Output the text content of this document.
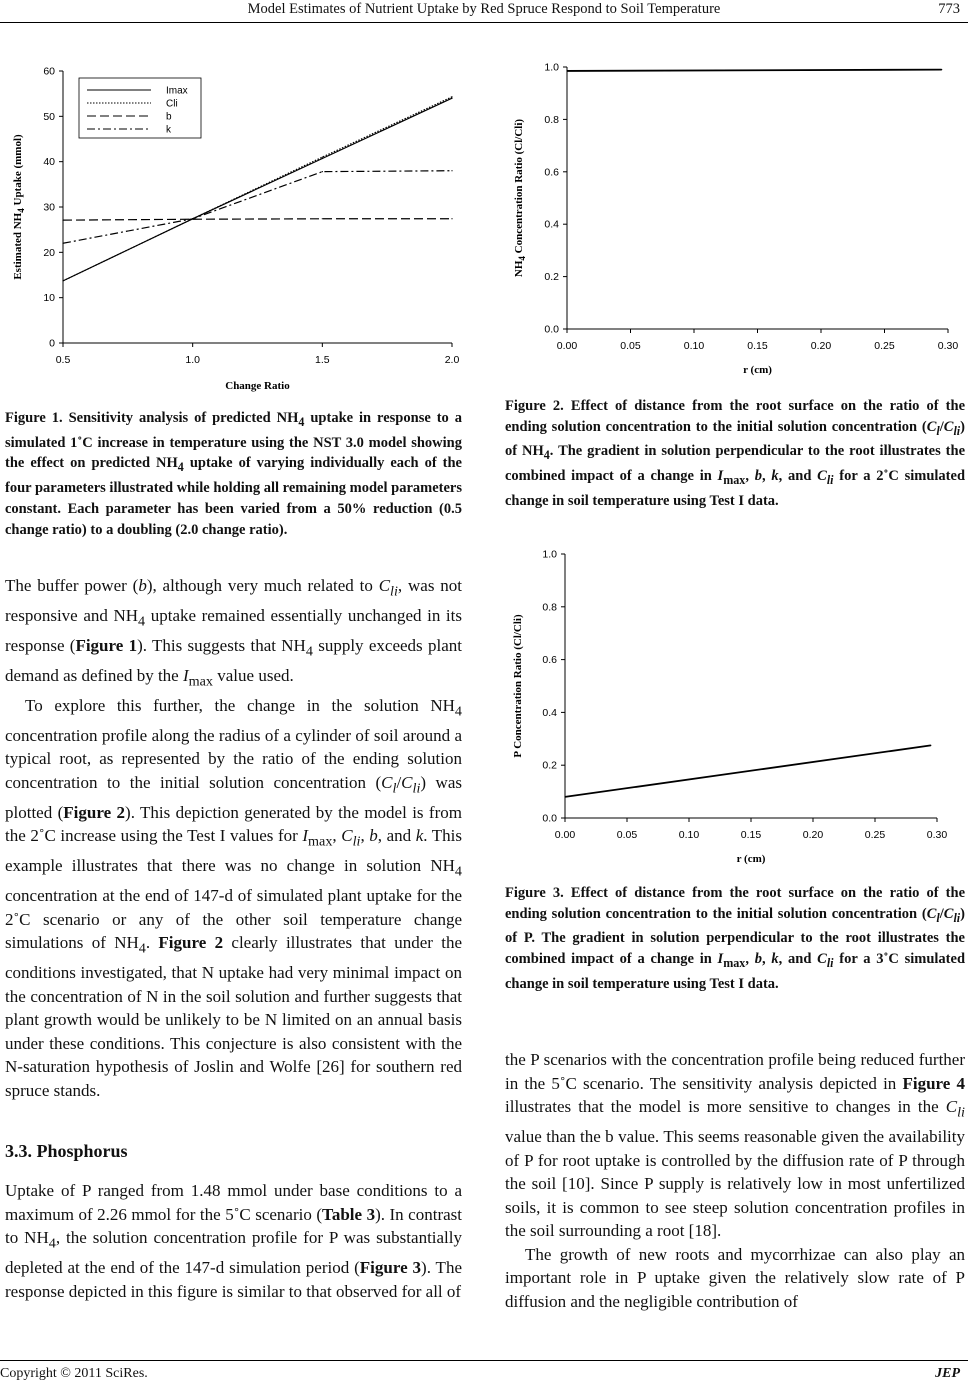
Model Estimates of Nutrient Uptake by Red Spruce Respond to Soil Temperature	773
0
10
20
30
40
50
60
0.5	1.0	1.5	2.0
Change Ratio
Estimated $NH_4$ Uptake (mmol)
Imax
Cli
b
k

Figure 1. Sensitivity analysis of predicted $NH_4$ uptake in response to a simulated 1˚C increase in temperature using the NST 3.0 model showing the effect on predicted $NH_4$ uptake of varying individually each of the four parameters illustrated while holding all remaining model parameters constant. Each parameter has been varied from a 50% reduction (0.5 change ratio) to a doubling (2.0 change ratio).

The buffer power (b), although very much related to $C_{li}$, was not responsive and $NH_4$ uptake remained essentially unchanged in its response (Figure 1). This suggests that $NH_4$ supply exceeds plant demand as defined by the $I_{max}$ value used.

To explore this further, the change in the solution $NH_4$ concentration profile along the radius of a cylinder of soil around a typical root, as represented by the ratio of the ending solution concentration to the initial solution concentration $(C_l/C_{li})$ was plotted (Figure 2). This depiction generated by the model is from the 2˚C increase using the Test I values for $I_{max}$, $C_{li}$, b, and k. This example illustrates that there was no change in solution $NH_4$ concentration at the end of 147-d of simulated plant uptake for the 2˚C scenario or any of the other soil temperature change simulations of $NH_4$. Figure 2 clearly illustrates that under the conditions investigated, that N uptake had very minimal impact on the concentration of N in the soil solution and further suggests that plant growth would be unlikely to be N limited on an annual basis under these conditions. This conjecture is also consistent with the N-saturation hypothesis of Joslin and Wolfe [26] for southern red spruce stands.

3.3. Phosphorus

Uptake of P ranged from 1.48 mmol under base conditions to a maximum of 2.26 mmol for the 5˚C scenario (Table 3). In contrast to $NH_4$, the solution concentration profile for P was substantially depleted at the end of the 147-d simulation period (Figure 3). The response depicted in this figure is similar to that observed for all of

0.0
0.2
0.4
0.6
0.8
1.0
0.00	0.05	0.10	0.15	0.20	0.25	0.30
r (cm)
$NH_4$ Concentration Ratio (Cl/Cli)

Figure 2. Effect of distance from the root surface on the ratio of the ending solution concentration to the initial solution concentration $(C_l/C_{li})$ of $NH_4$. The gradient in solution perpendicular to the root illustrates the combined impact of a change in $I_{max}$, b, k, and $C_{li}$ for a 2˚C simulated change in soil temperature using Test I data.

0.0
0.2
0.4
0.6
0.8
1.0
0.00	0.05	0.10	0.15	0.20	0.25	0.30
r (cm)
P Concentration Ratio (Cl/Cli)

Figure 3. Effect of distance from the root surface on the ratio of the ending solution concentration to the initial solution concentration $(C_l/C_{li})$ of P. The gradient in solution perpendicular to the root illustrates the combined impact of a change in $I_{max}$, b, k, and $C_{li}$ for a 3˚C simulated change in soil temperature using Test I data.

the P scenarios with the concentration profile being reduced further in the 5˚C scenario. The sensitivity analysis depicted in Figure 4 illustrates that the model is more sensitive to changes in the $C_{li}$ value than the b value. This seems reasonable given the availability of P for root uptake is controlled by the diffusion rate of P through the soil [10]. Since P supply is relatively low in most unfertilized soils, it is common to see steep solution concentration profiles in the soil surrounding a root [18].

The growth of new roots and mycorrhizae can also play an important role in P uptake given the relatively slow rate of P diffusion and the negligible contribution of

Copyright © 2011 SciRes.	JEP
